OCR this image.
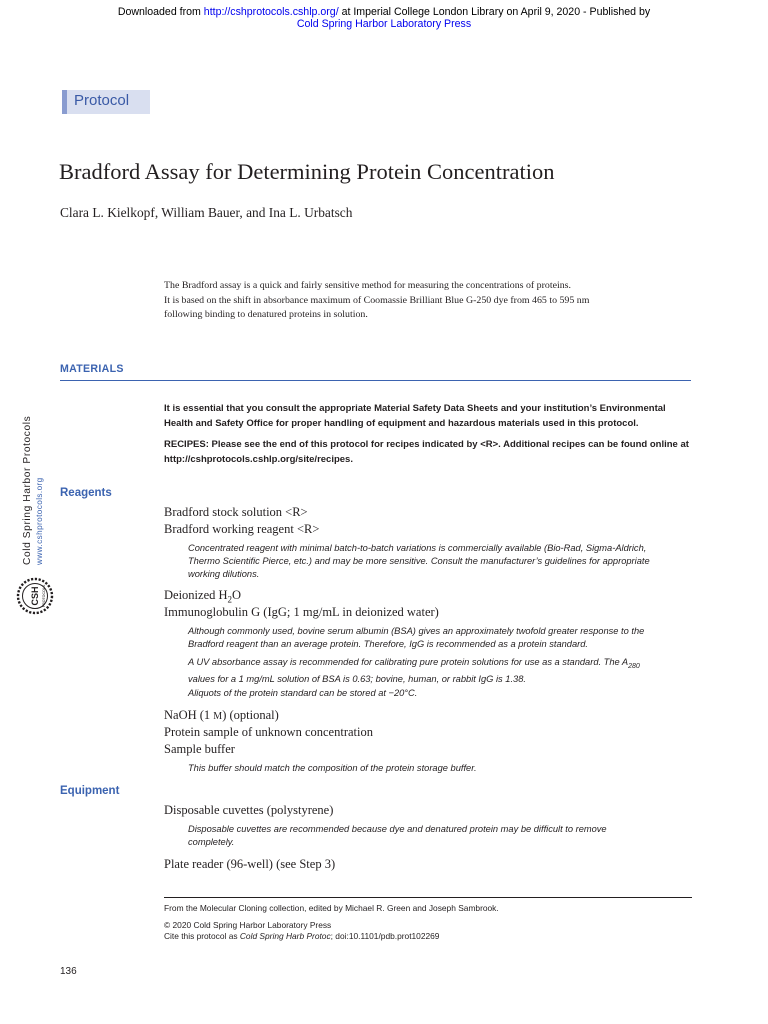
Downloaded from http://cshprotocols.cshlp.org/ at Imperial College London Library on April 9, 2020 - Published by
Cold Spring Harbor Laboratory Press
Protocol
Bradford Assay for Determining Protein Concentration
Clara L. Kielkopf, William Bauer, and Ina L. Urbatsch
The Bradford assay is a quick and fairly sensitive method for measuring the concentrations of proteins.
It is based on the shift in absorbance maximum of Coomassie Brilliant Blue G-250 dye from 465 to 595 nm
following binding to denatured proteins in solution.
MATERIALS
It is essential that you consult the appropriate Material Safety Data Sheets and your institution’s Environmental
Health and Safety Office for proper handling of equipment and hazardous materials used in this protocol.
RECIPES: Please see the end of this protocol for recipes indicated by <R>. Additional recipes can be found online at
http://cshprotocols.cshlp.org/site/recipes.
Reagents
Bradford stock solution <R>
Bradford working reagent <R>
Concentrated reagent with minimal batch-to-batch variations is commercially available (Bio-Rad, Sigma-Aldrich,
Thermo Scientific Pierce, etc.) and may be more sensitive. Consult the manufacturer’s guidelines for appropriate
working dilutions.
Deionized $H_2O$
Immunoglobulin G (IgG; 1 mg/mL in deionized water)
Although commonly used, bovine serum albumin (BSA) gives an approximately twofold greater response to the
Bradford reagent than an average protein. Therefore, IgG is recommended as a protein standard.
A UV absorbance assay is recommended for calibrating pure protein solutions for use as a standard. The $A_{280}$
values for a 1 mg/mL solution of BSA is 0.63; bovine, human, or rabbit IgG is 1.38.
Aliquots of the protein standard can be stored at −20°C.
NaOH (1 M) (optional)
Protein sample of unknown concentration
Sample buffer
This buffer should match the composition of the protein storage buffer.
Equipment
Disposable cuvettes (polystyrene)
Disposable cuvettes are recommended because dye and denatured protein may be difficult to remove
completely.
Plate reader (96-well) (see Step 3)
From the Molecular Cloning collection, edited by Michael R. Green and Joseph Sambrook.
© 2020 Cold Spring Harbor Laboratory Press
Cite this protocol as Cold Spring Harb Protoc; doi:10.1101/pdb.prot102269
136
Cold Spring Harbor Protocols www.cshprotocols.org
CSH PROTOCOLS
